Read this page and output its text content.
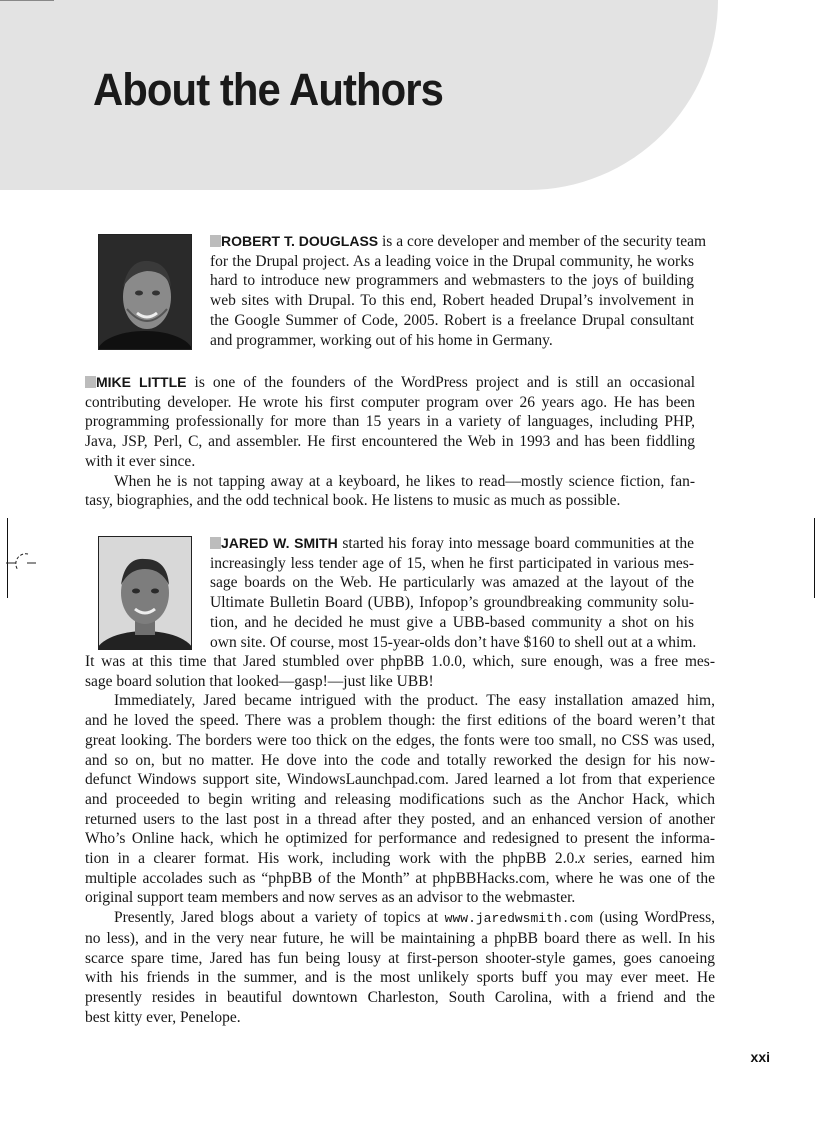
About the Authors

ROBERT T. DOUGLASS is a core developer and member of the security team
for the Drupal project. As a leading voice in the Drupal community, he works
hard to introduce new programmers and webmasters to the joys of building
web sites with Drupal. To this end, Robert headed Drupal’s involvement in
the Google Summer of Code, 2005. Robert is a freelance Drupal consultant
and programmer, working out of his home in Germany.

MIKE LITTLE is one of the founders of the WordPress project and is still an occasional
contributing developer. He wrote his first computer program over 26 years ago. He has been
programming professionally for more than 15 years in a variety of languages, including PHP,
Java, JSP, Perl, C, and assembler. He first encountered the Web in 1993 and has been fiddling
with it ever since.
When he is not tapping away at a keyboard, he likes to read—mostly science fiction, fan-
tasy, biographies, and the odd technical book. He listens to music as much as possible.

JARED W. SMITH started his foray into message board communities at the
increasingly less tender age of 15, when he first participated in various mes-
sage boards on the Web. He particularly was amazed at the layout of the
Ultimate Bulletin Board (UBB), Infopop’s groundbreaking community solu-
tion, and he decided he must give a UBB-based community a shot on his
own site. Of course, most 15-year-olds don’t have $160 to shell out at a whim.

It was at this time that Jared stumbled over phpBB 1.0.0, which, sure enough, was a free mes-
sage board solution that looked—gasp!—just like UBB!
Immediately, Jared became intrigued with the product. The easy installation amazed him,
and he loved the speed. There was a problem though: the first editions of the board weren’t that
great looking. The borders were too thick on the edges, the fonts were too small, no CSS was used,
and so on, but no matter. He dove into the code and totally reworked the design for his now-
defunct Windows support site, WindowsLaunchpad.com. Jared learned a lot from that experience
and proceeded to begin writing and releasing modifications such as the Anchor Hack, which
returned users to the last post in a thread after they posted, and an enhanced version of another
Who’s Online hack, which he optimized for performance and redesigned to present the informa-
tion in a clearer format. His work, including work with the phpBB 2.0.x series, earned him
multiple accolades such as “phpBB of the Month” at phpBBHacks.com, where he was one of the
original support team members and now serves as an advisor to the webmaster.
Presently, Jared blogs about a variety of topics at www.jaredwsmith.com (using WordPress,
no less), and in the very near future, he will be maintaining a phpBB board there as well. In his
scarce spare time, Jared has fun being lousy at first-person shooter-style games, goes canoeing
with his friends in the summer, and is the most unlikely sports buff you may ever meet. He
presently resides in beautiful downtown Charleston, South Carolina, with a friend and the
best kitty ever, Penelope.

xxi
